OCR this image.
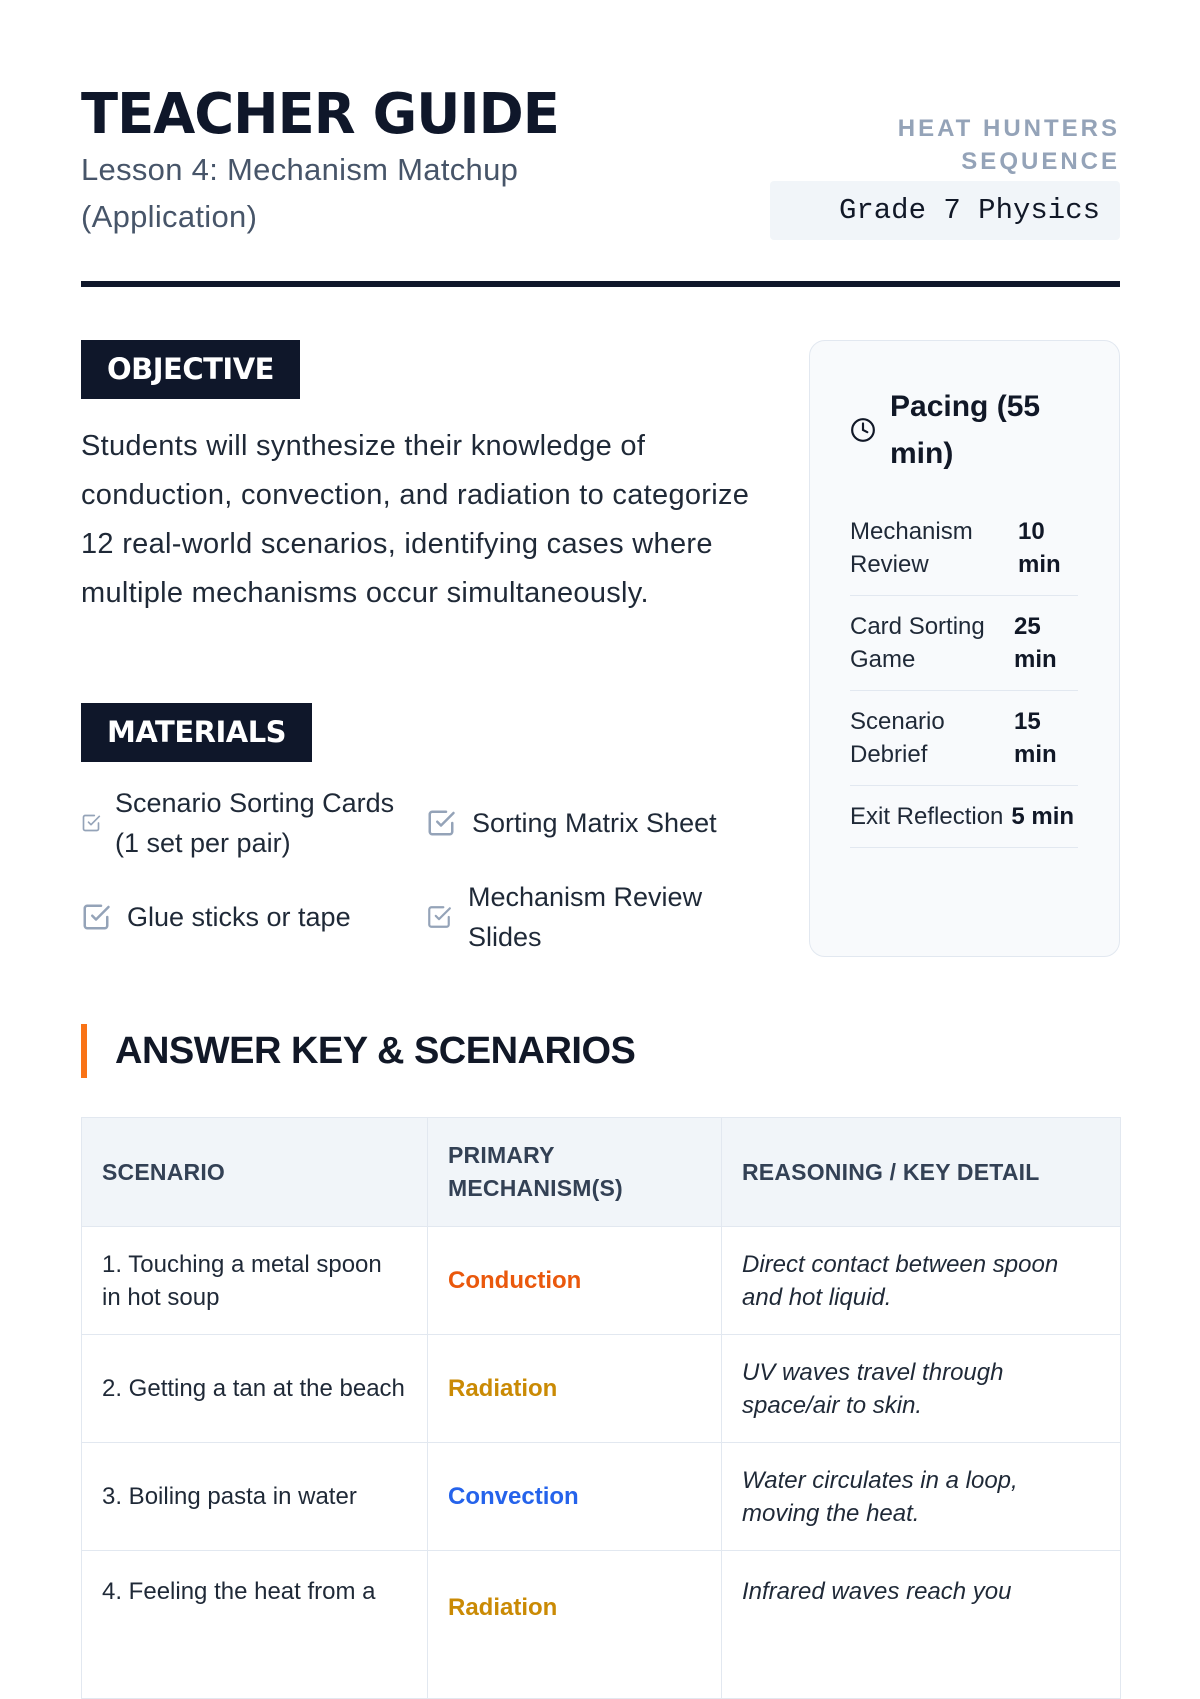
TEACHER GUIDE
Lesson 4: Mechanism Matchup (Application)
HEAT HUNTERS SEQUENCE
Grade 7 Physics
OBJECTIVE

Students will synthesize their knowledge of conduction, convection, and radiation to categorize 12 real-world scenarios, identifying cases where multiple mechanisms occur simultaneously.

MATERIALS
Scenario Sorting Cards (1 set per pair)
Sorting Matrix Sheet
Glue sticks or tape
Mechanism Review Slides
Pacing (55 min)
Mechanism Review
10 min
Card Sorting Game
25 min
Scenario Debrief
15 min
Exit Reflection 5 min
ANSWER KEY & SCENARIOS
SCENARIO	PRIMARY MECHANISM(S)	REASONING / KEY DETAIL
1. Touching a metal spoon in hot soup	Conduction	Direct contact between spoon and hot liquid.
2. Getting a tan at the beach	Radiation	UV waves travel through space/air to skin.
3. Boiling pasta in water	Convection	Water circulates in a loop, moving the heat.
4. Feeling the heat from a	Radiation	Infrared waves reach you
